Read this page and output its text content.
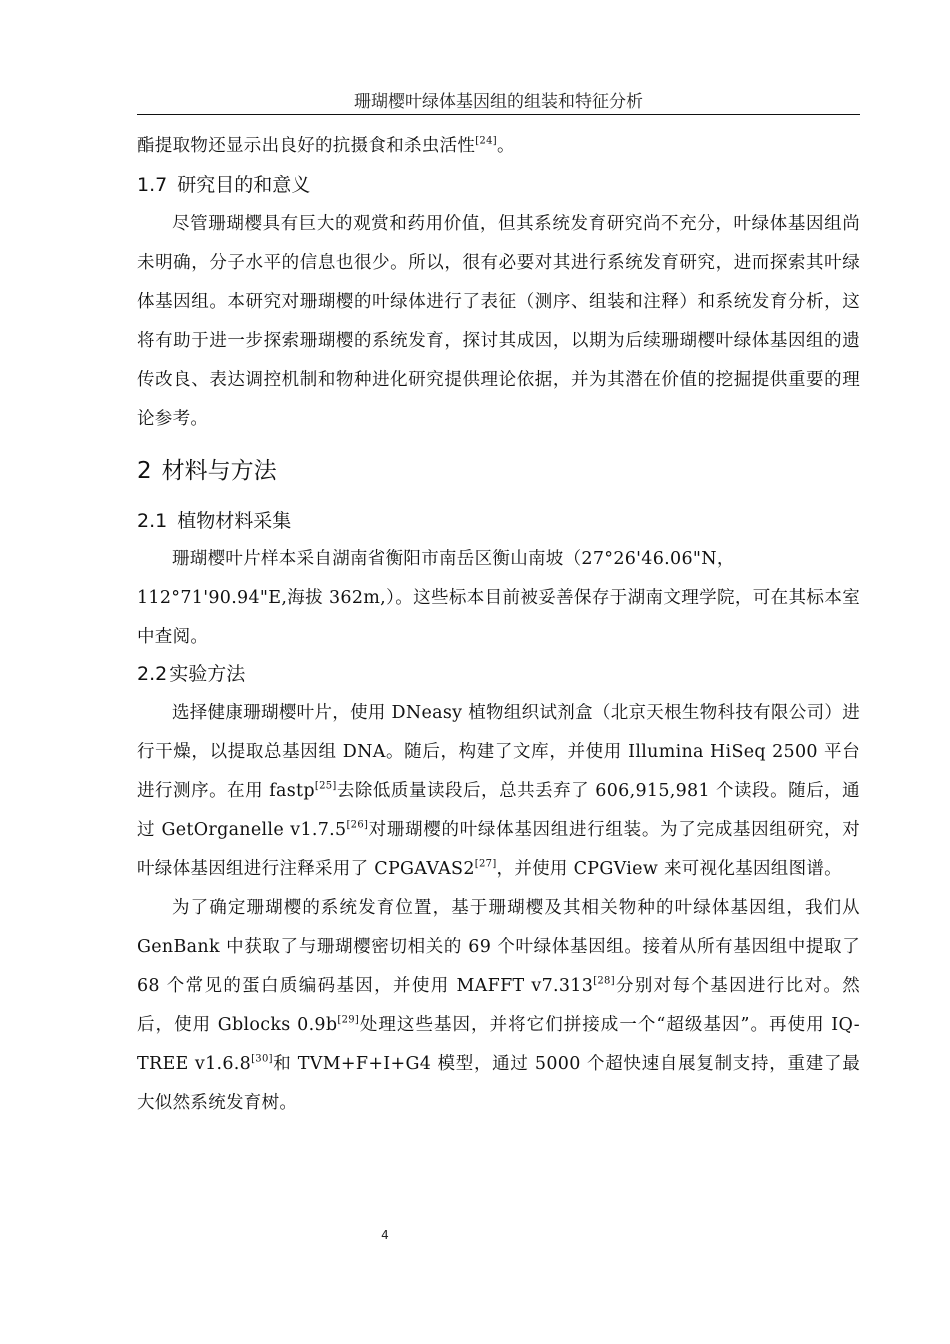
珊瑚樱叶绿体基因组的组装和特征分析

酯提取物还显示出良好的抗摄食和杀虫活性[24]。

1.7 研究目的和意义

尽管珊瑚樱具有巨大的观赏和药用价值，但其系统发育研究尚不充分，叶绿体基因组尚未明确，分子水平的信息也很少。所以，很有必要对其进行系统发育研究，进而探索其叶绿体基因组。本研究对珊瑚樱的叶绿体进行了表征（测序、组装和注释）和系统发育分析，这将有助于进一步探索珊瑚樱的系统发育，探讨其成因，以期为后续珊瑚樱叶绿体基因组的遗传改良、表达调控机制和物种进化研究提供理论依据，并为其潜在价值的挖掘提供重要的理论参考。

2 材料与方法
2.1 植物材料采集

珊瑚樱叶片样本采自湖南省衡阳市南岳区衡山南坡（27°26'46.06"N，
112°71'90.94"E,海拔 362m,）。这些标本目前被妥善保存于湖南文理学院，可在其标本室中查阅。

2.2 实验方法

选择健康珊瑚樱叶片，使用 DNeasy 植物组织试剂盒（北京天根生物科技有限公司）进行干燥，以提取总基因组 DNA。随后，构建了文库，并使用 Illumina HiSeq 2500 平台进行测序。在用 fastp[25]去除低质量读段后，总共丢弃了 606,915,981 个读段。随后，通过 GetOrganelle v1.7.5[26]对珊瑚樱的叶绿体基因组进行组装。为了完成基因组研究，对叶绿体基因组进行注释采用了 CPGAVAS2[27]，并使用 CPGView 来可视化基因组图谱。

为了确定珊瑚樱的系统发育位置，基于珊瑚樱及其相关物种的叶绿体基因组，我们从 GenBank 中获取了与珊瑚樱密切相关的 69 个叶绿体基因组。接着从所有基因组中提取了 68 个常见的蛋白质编码基因，并使用 MAFFT v7.313[28]分别对每个基因进行比对。然后，使用 Gblocks 0.9b[29]处理这些基因，并将它们拼接成一个“超级基因”。再使用 IQ-TREE v1.6.8[30]和 TVM+F+I+G4 模型，通过 5000 个超快速自展复制支持，重建了最大似然系统发育树。

4
